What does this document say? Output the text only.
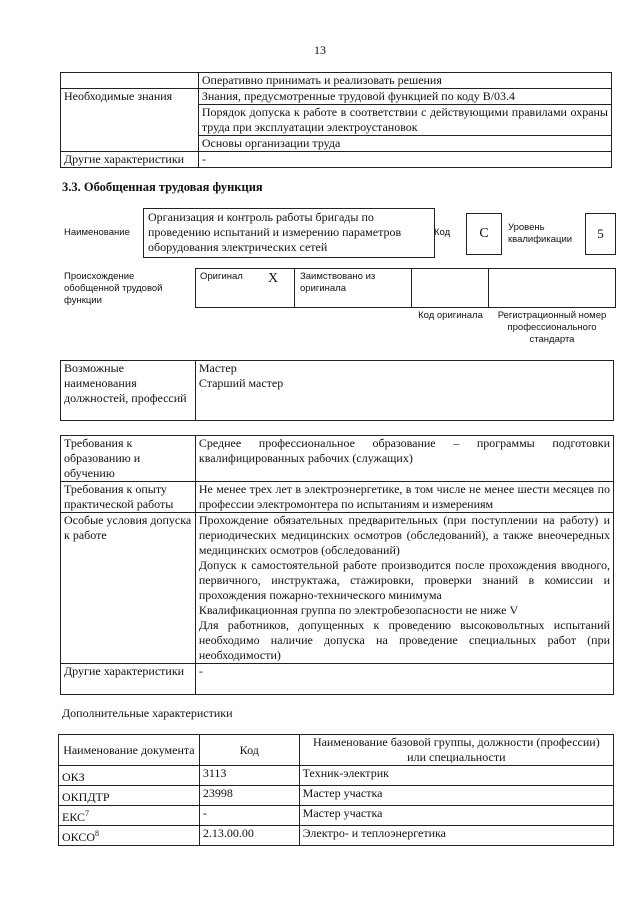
13
	Оперативно принимать и реализовать решения
Необходимые знания	Знания, предусмотренные трудовой функцией по коду B/03.4
	Порядок допуска к работе в соответствии с действующими правилами охраны труда при эксплуатации электроустановок
	Основы организации труда
Другие характеристики	-
3.3. Обобщенная трудовая функция
Наименование
Организация и контроль работы бригады по проведению испытаний и измерению параметров оборудования электрических сетей
Код	C	Уровень квалификации	5
Происхождение обобщенной трудовой функции
Оригинал X Заимствовано из оригинала
Код оригинала	Регистрационный номер профессионального стандарта
Возможные наименования должностей, профессий	
Мастер
Старший мастер
Требования к образованию и обучению	Среднее профессиональное образование – программы подготовки квалифицированных рабочих (служащих)
Требования к опыту практической работы	Не менее трех лет в электроэнергетике, в том числе не менее шести месяцев по профессии электромонтера по испытаниям и измерениям
Особые условия допуска к работе	Прохождение обязательных предварительных (при поступлении на работу) и периодических медицинских осмотров (обследований), а также внеочередных медицинских осмотров (обследований)
Допуск к самостоятельной работе производится после прохождения вводного, первичного, инструктажа, стажировки, проверки знаний в комиссии и прохождения пожарно-технического минимума
Квалификационная группа по электробезопасности не ниже V
Для работников, допущенных к проведению высоковольтных испытаний необходимо наличие допуска на проведение специальных работ (при необходимости)

Другие характеристики	-
Дополнительные характеристики
Наименование документа	Код	Наименование базовой группы, должности (профессии) или специальности
ОКЗ	3113	Техник-электрик
ОКПДТР	23998	Мастер участка
ЕКС$^7$	-	Мастер участка
ОКСО$^8$	2.13.00.00	Электро- и теплоэнергетика
